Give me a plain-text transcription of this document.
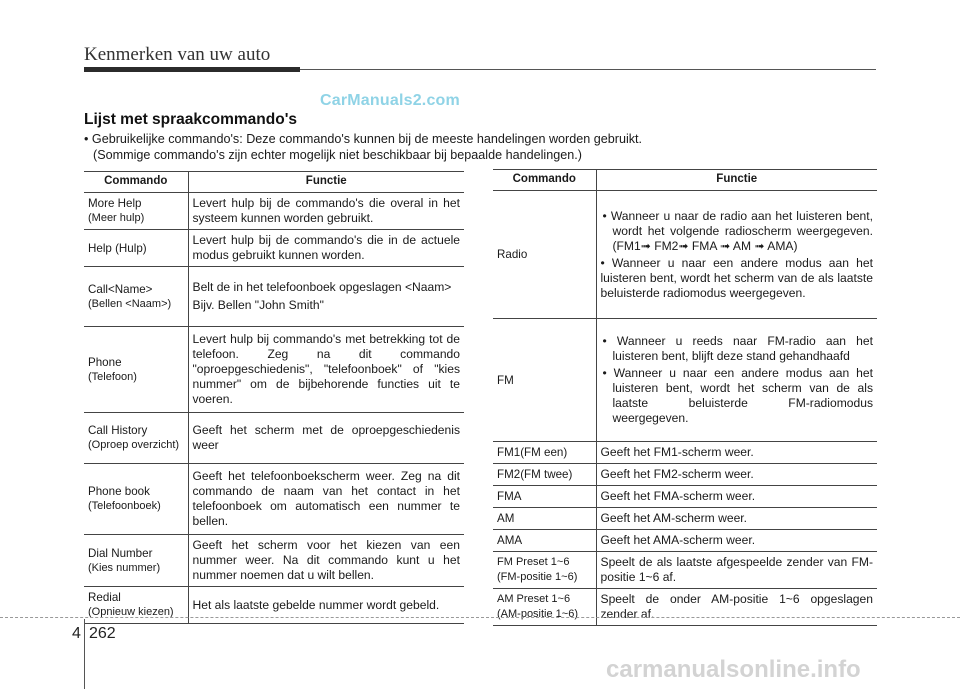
Kenmerken van uw auto
CarManuals2.com
Lijst met spraakcommando's
• Gebruikelijke commando's: Deze commando's kunnen bij de meeste handelingen worden gebruikt.
(Sommige commando's zijn echter mogelijk niet beschikbaar bij bepaalde handelingen.)
Commando	Functie

More Help
(Meer hulp)	Levert hulp bij de commando's die overal in het systeem kunnen worden gebruikt.
Help (Hulp)	Levert hulp bij de commando's die in de actuele modus gebruikt kunnen worden.

Call<Name>
(Bellen <Naam>)	Belt de in het telefoonboek opgeslagen <Naam>
Bijv. Bellen "John Smith"

Phone
(Telefoon)	Levert hulp bij commando's met betrekking tot de telefoon. Zeg na dit commando "oproepgeschiedenis", "telefoonboek" of "kies nummer" om de bijbehorende functies uit te voeren.

Call History
(Oproep overzicht)	Geeft het scherm met de oproepgeschiedenis weer

Phone book
(Telefoonboek)	Geeft het telefoonboekscherm weer. Zeg na dit commando de naam van het contact in het telefoonboek om automatisch een nummer te bellen.

Dial Number
(Kies nummer)	Geeft het scherm voor het kiezen van een nummer weer. Na dit commando kunt u het nummer noemen dat u wilt bellen.

Redial
(Opnieuw kiezen)	Het als laatste gebelde nummer wordt gebeld.
Commando	Functie
Radio	• Wanneer u naar de radio aan het luisteren bent, wordt het volgende radioscherm weergegeven. (FM1➟ FM2➟ FMA ➟ AM ➟ AMA)
• Wanneer u naar een andere modus aan het luisteren bent, wordt het scherm van de als laatste beluisterde radiomodus weergegeven.

FM	• Wanneer u reeds naar FM-radio aan het luisteren bent, blijft deze stand gehandhaafd
• Wanneer u naar een andere modus aan het luisteren bent, wordt het scherm van de als laatste beluisterde FM-radiomodus weergegeven.

FM1(FM een)	Geeft het FM1-scherm weer.
FM2(FM twee)	Geeft het FM2-scherm weer.
FMA	Geeft het FMA-scherm weer.
AM	Geeft het AM-scherm weer.
AMA	Geeft het AMA-scherm weer.

FM Preset 1~6
(FM-positie 1~6)	Speelt de als laatste afgespeelde zender van FM-positie 1~6 af.

AM Preset 1~6
(AM-positie 1~6)	Speelt de onder AM-positie 1~6 opgeslagen zender af.
4 262
carmanualsonline.info
